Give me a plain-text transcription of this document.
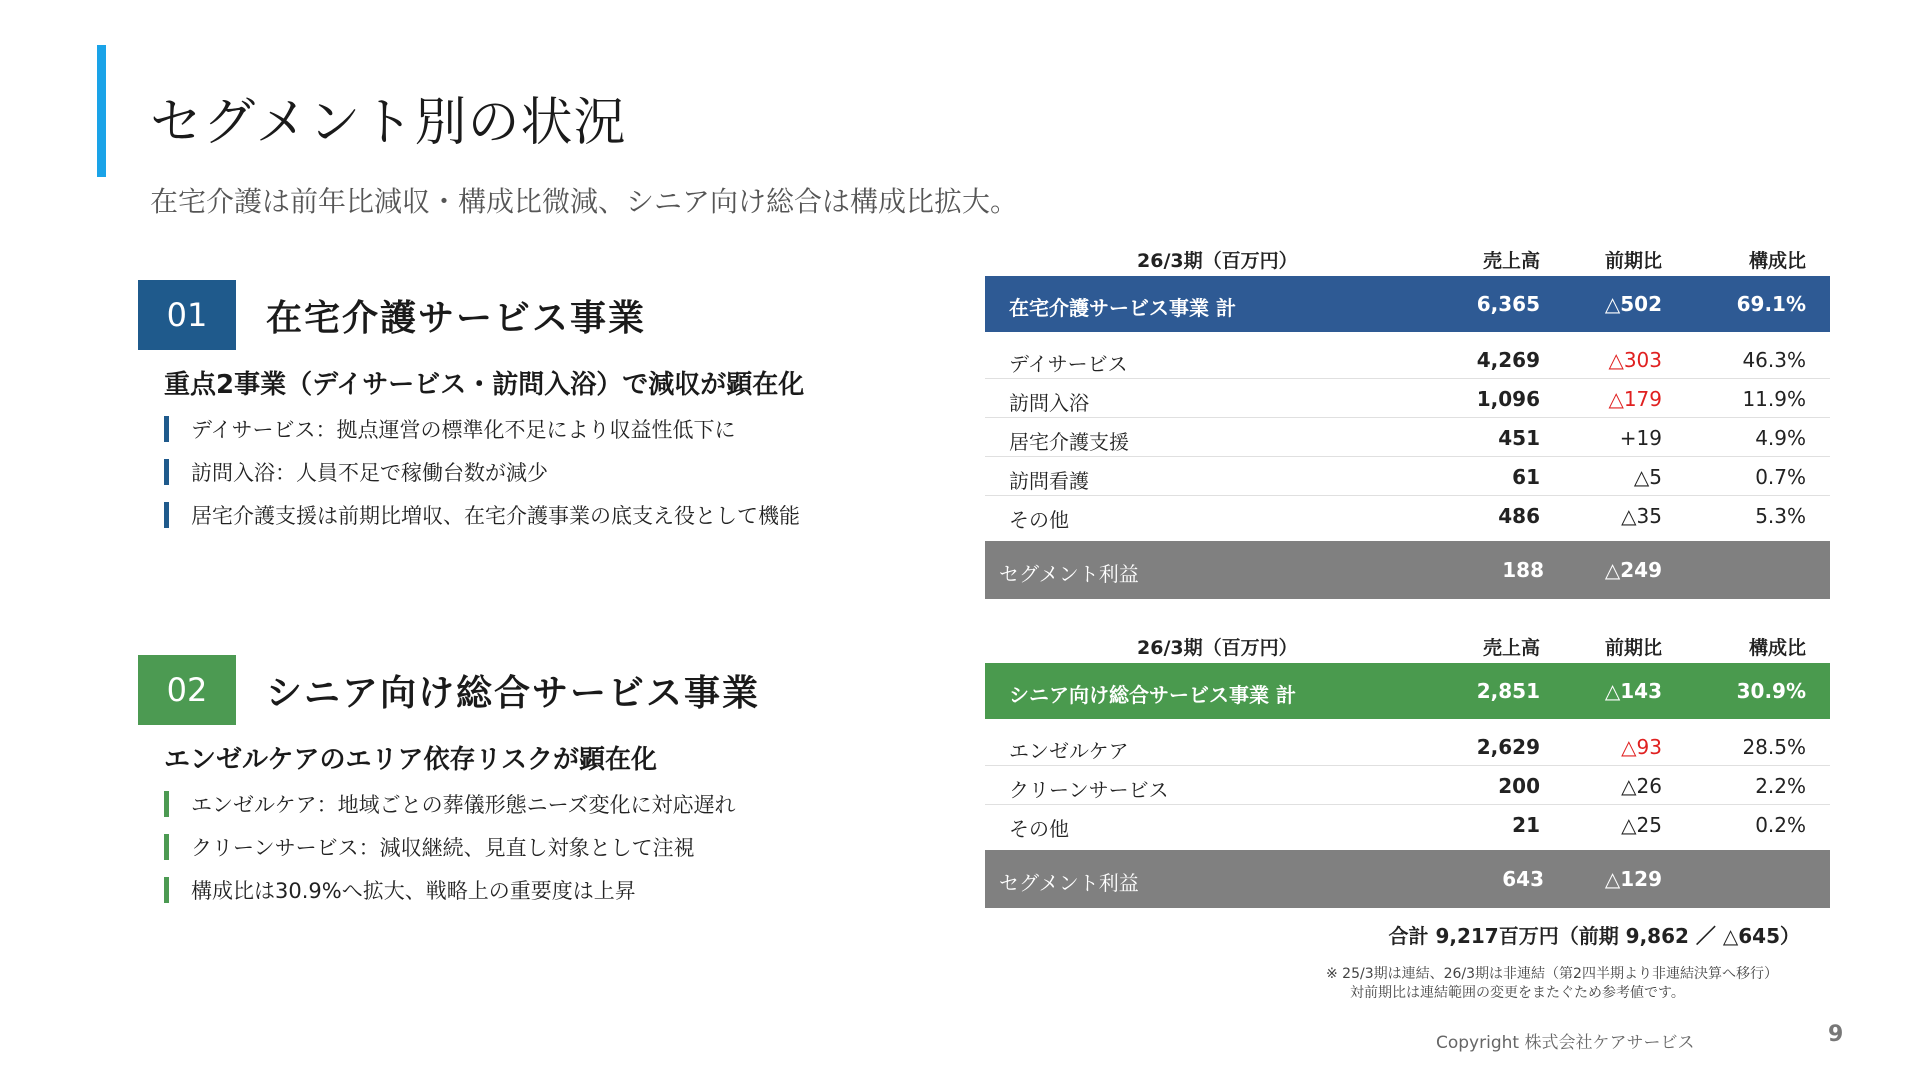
セグメント別の状況

在宅介護は前年比減収・構成比微減、シニア向け総合は構成比拡大。

01	在宅介護サービス事業
重点2事業（デイサービス・訪問入浴）で減収が顕在化
デイサービス：拠点運営の標準化不足により収益性低下に
訪問入浴：人員不足で稼働台数が減少
居宅介護支援は前期比増収、在宅介護事業の底支え役として機能
02	シニア向け総合サービス事業
エンゼルケアのエリア依存リスクが顕在化
エンゼルケア：地域ごとの葬儀形態ニーズ変化に対応遅れ
クリーンサービス：減収継続、見直し対象として注視
構成比は30.9%へ拡大、戦略上の重要度は上昇
26/3期（百万円）	売上高	前期比	構成比
在宅介護サービス事業 計	6,365	△502	69.1%
デイサービス	4,269	△303	46.3%
訪問入浴	1,096	△179	11.9%
居宅介護支援	451	+19	4.9%
訪問看護	61	△5	0.7%
その他	486	△35	5.3%
セグメント利益	188	△249
26/3期（百万円）	売上高	前期比	構成比
シニア向け総合サービス事業 計	2,851	△143	30.9%
エンゼルケア	2,629	△93	28.5%
クリーンサービス	200	△26	2.2%
その他	21	△25	0.2%
セグメント利益	643	△129
合計 9,217百万円（前期 9,862 ／ △645）
※ 25/3期は連結、26/3期は非連結（第2四半期より非連結決算へ移行）
対前期比は連結範囲の変更をまたぐため参考値です。
Copyright 株式会社ケアサービス	9
